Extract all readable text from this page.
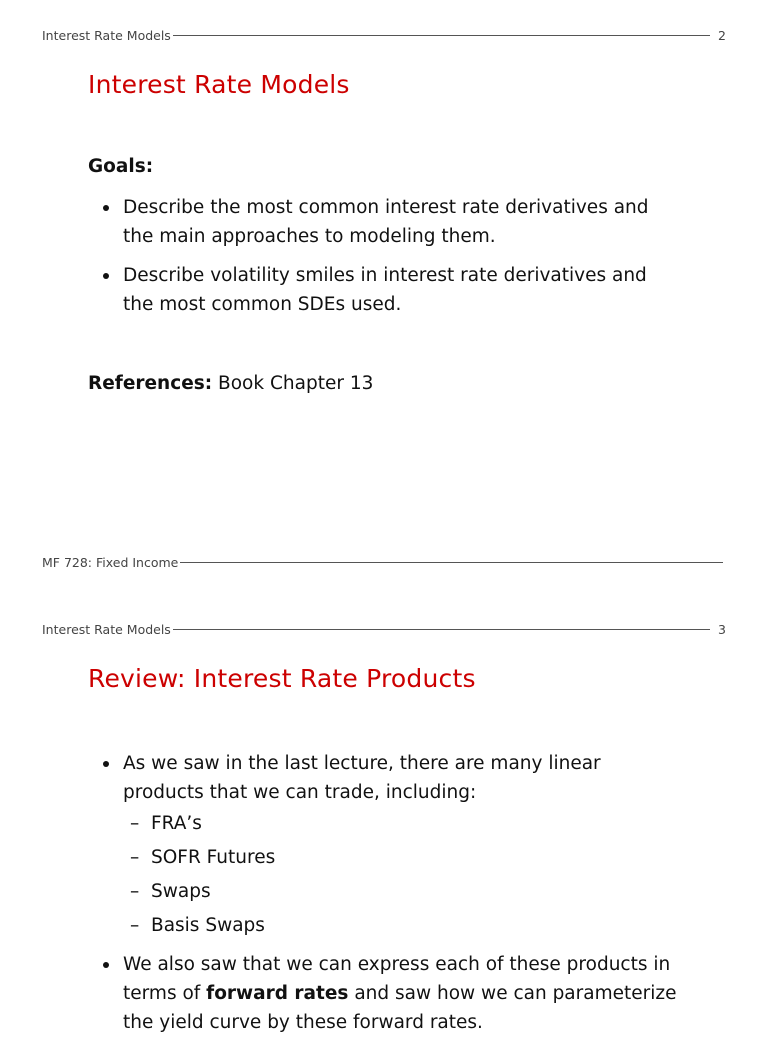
Interest Rate Models	2
Interest Rate Models
Goals:
Describe the most common interest rate derivatives and the main approaches to modeling them.
Describe volatility smiles in interest rate derivatives and the most common SDEs used.
References: Book Chapter 13
MF 728: Fixed Income
Interest Rate Models	3
Review: Interest Rate Products
As we saw in the last lecture, there are many linear products that we can trade, including:
– FRA’s
– SOFR Futures
– Swaps
– Basis Swaps
We also saw that we can express each of these products in terms of forward rates and saw how we can parameterize the yield curve by these forward rates.
